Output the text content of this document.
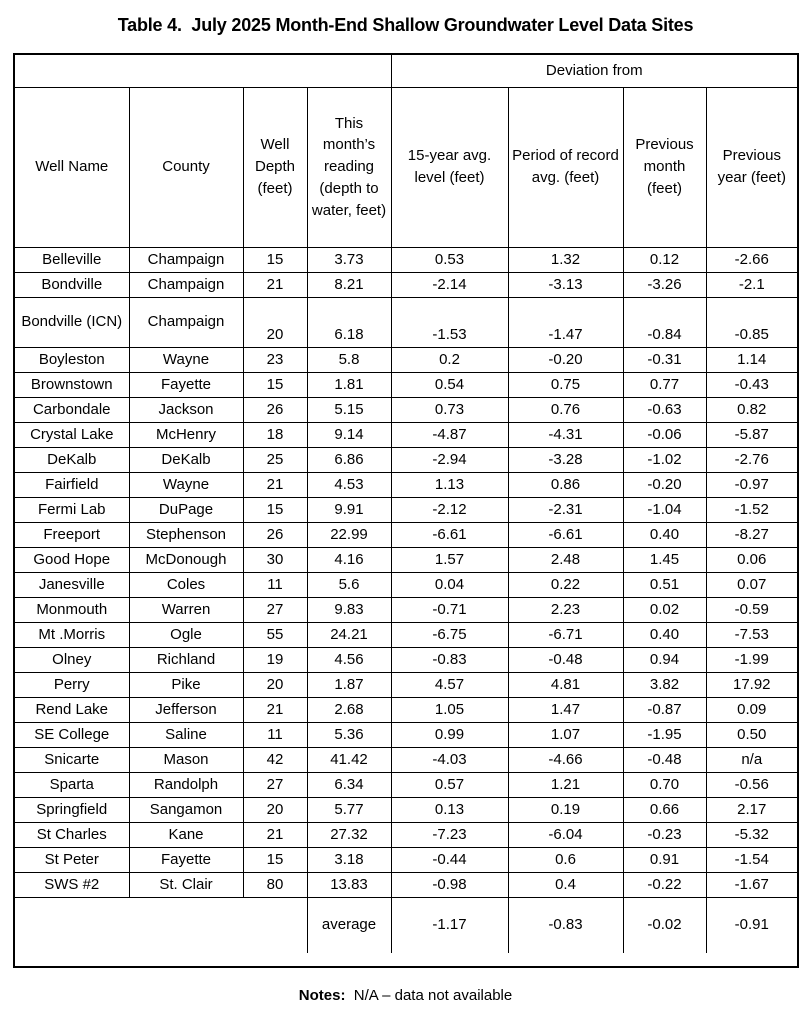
Table 4.  July 2025 Month-End Shallow Groundwater Level Data Sites

				Deviation from			
Well Name	County	Well Depth (feet)	This month’s reading (depth to water, feet)	15-year avg. level (feet)	Period of record avg. (feet)	Previous month (feet)	Previous year (feet)
Belleville	Champaign	15	3.73	0.53	1.32	0.12	-2.66
Bondville	Champaign	21	8.21	-2.14	-3.13	-3.26	-2.1
Bondville (ICN)	Champaign	20	6.18	-1.53	-1.47	-0.84	-0.85
Boyleston	Wayne	23	5.8	0.2	-0.20	-0.31	1.14
Brownstown	Fayette	15	1.81	0.54	0.75	0.77	-0.43
Carbondale	Jackson	26	5.15	0.73	0.76	-0.63	0.82
Crystal Lake	McHenry	18	9.14	-4.87	-4.31	-0.06	-5.87
DeKalb	DeKalb	25	6.86	-2.94	-3.28	-1.02	-2.76
Fairfield	Wayne	21	4.53	1.13	0.86	-0.20	-0.97
Fermi Lab	DuPage	15	9.91	-2.12	-2.31	-1.04	-1.52
Freeport	Stephenson	26	22.99	-6.61	-6.61	0.40	-8.27
Good Hope	McDonough	30	4.16	1.57	2.48	1.45	0.06
Janesville	Coles	11	5.6	0.04	0.22	0.51	0.07
Monmouth	Warren	27	9.83	-0.71	2.23	0.02	-0.59
Mt .Morris	Ogle	55	24.21	-6.75	-6.71	0.40	-7.53
Olney	Richland	19	4.56	-0.83	-0.48	0.94	-1.99
Perry	Pike	20	1.87	4.57	4.81	3.82	17.92
Rend Lake	Jefferson	21	2.68	1.05	1.47	-0.87	0.09
SE College	Saline	11	5.36	0.99	1.07	-1.95	0.50
Snicarte	Mason	42	41.42	-4.03	-4.66	-0.48	n/a
Sparta	Randolph	27	6.34	0.57	1.21	0.70	-0.56
Springfield	Sangamon	20	5.77	0.13	0.19	0.66	2.17
St Charles	Kane	21	27.32	-7.23	-6.04	-0.23	-5.32
St Peter	Fayette	15	3.18	-0.44	0.6	0.91	-1.54
SWS #2	St. Clair	80	13.83	-0.98	0.4	-0.22	-1.67
			average	-1.17	-0.83	-0.02	-0.91

Notes:  N/A – data not available
